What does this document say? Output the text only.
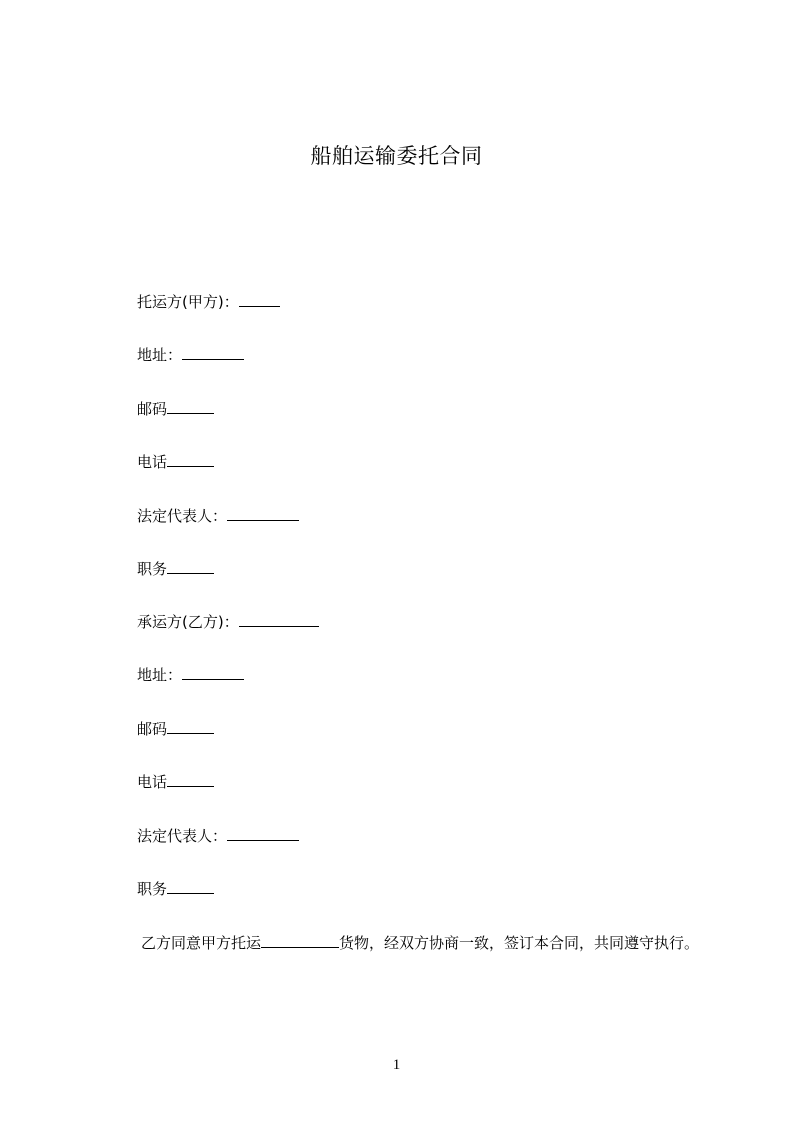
船舶运输委托合同
托运方(甲方)：
地址：
邮码
电话
法定代表人：
职务
承运方(乙方)：
地址：
邮码
电话
法定代表人：
职务
乙方同意甲方托运	货物，经双方协商一致，签订本合同，共同遵守执行。
1
